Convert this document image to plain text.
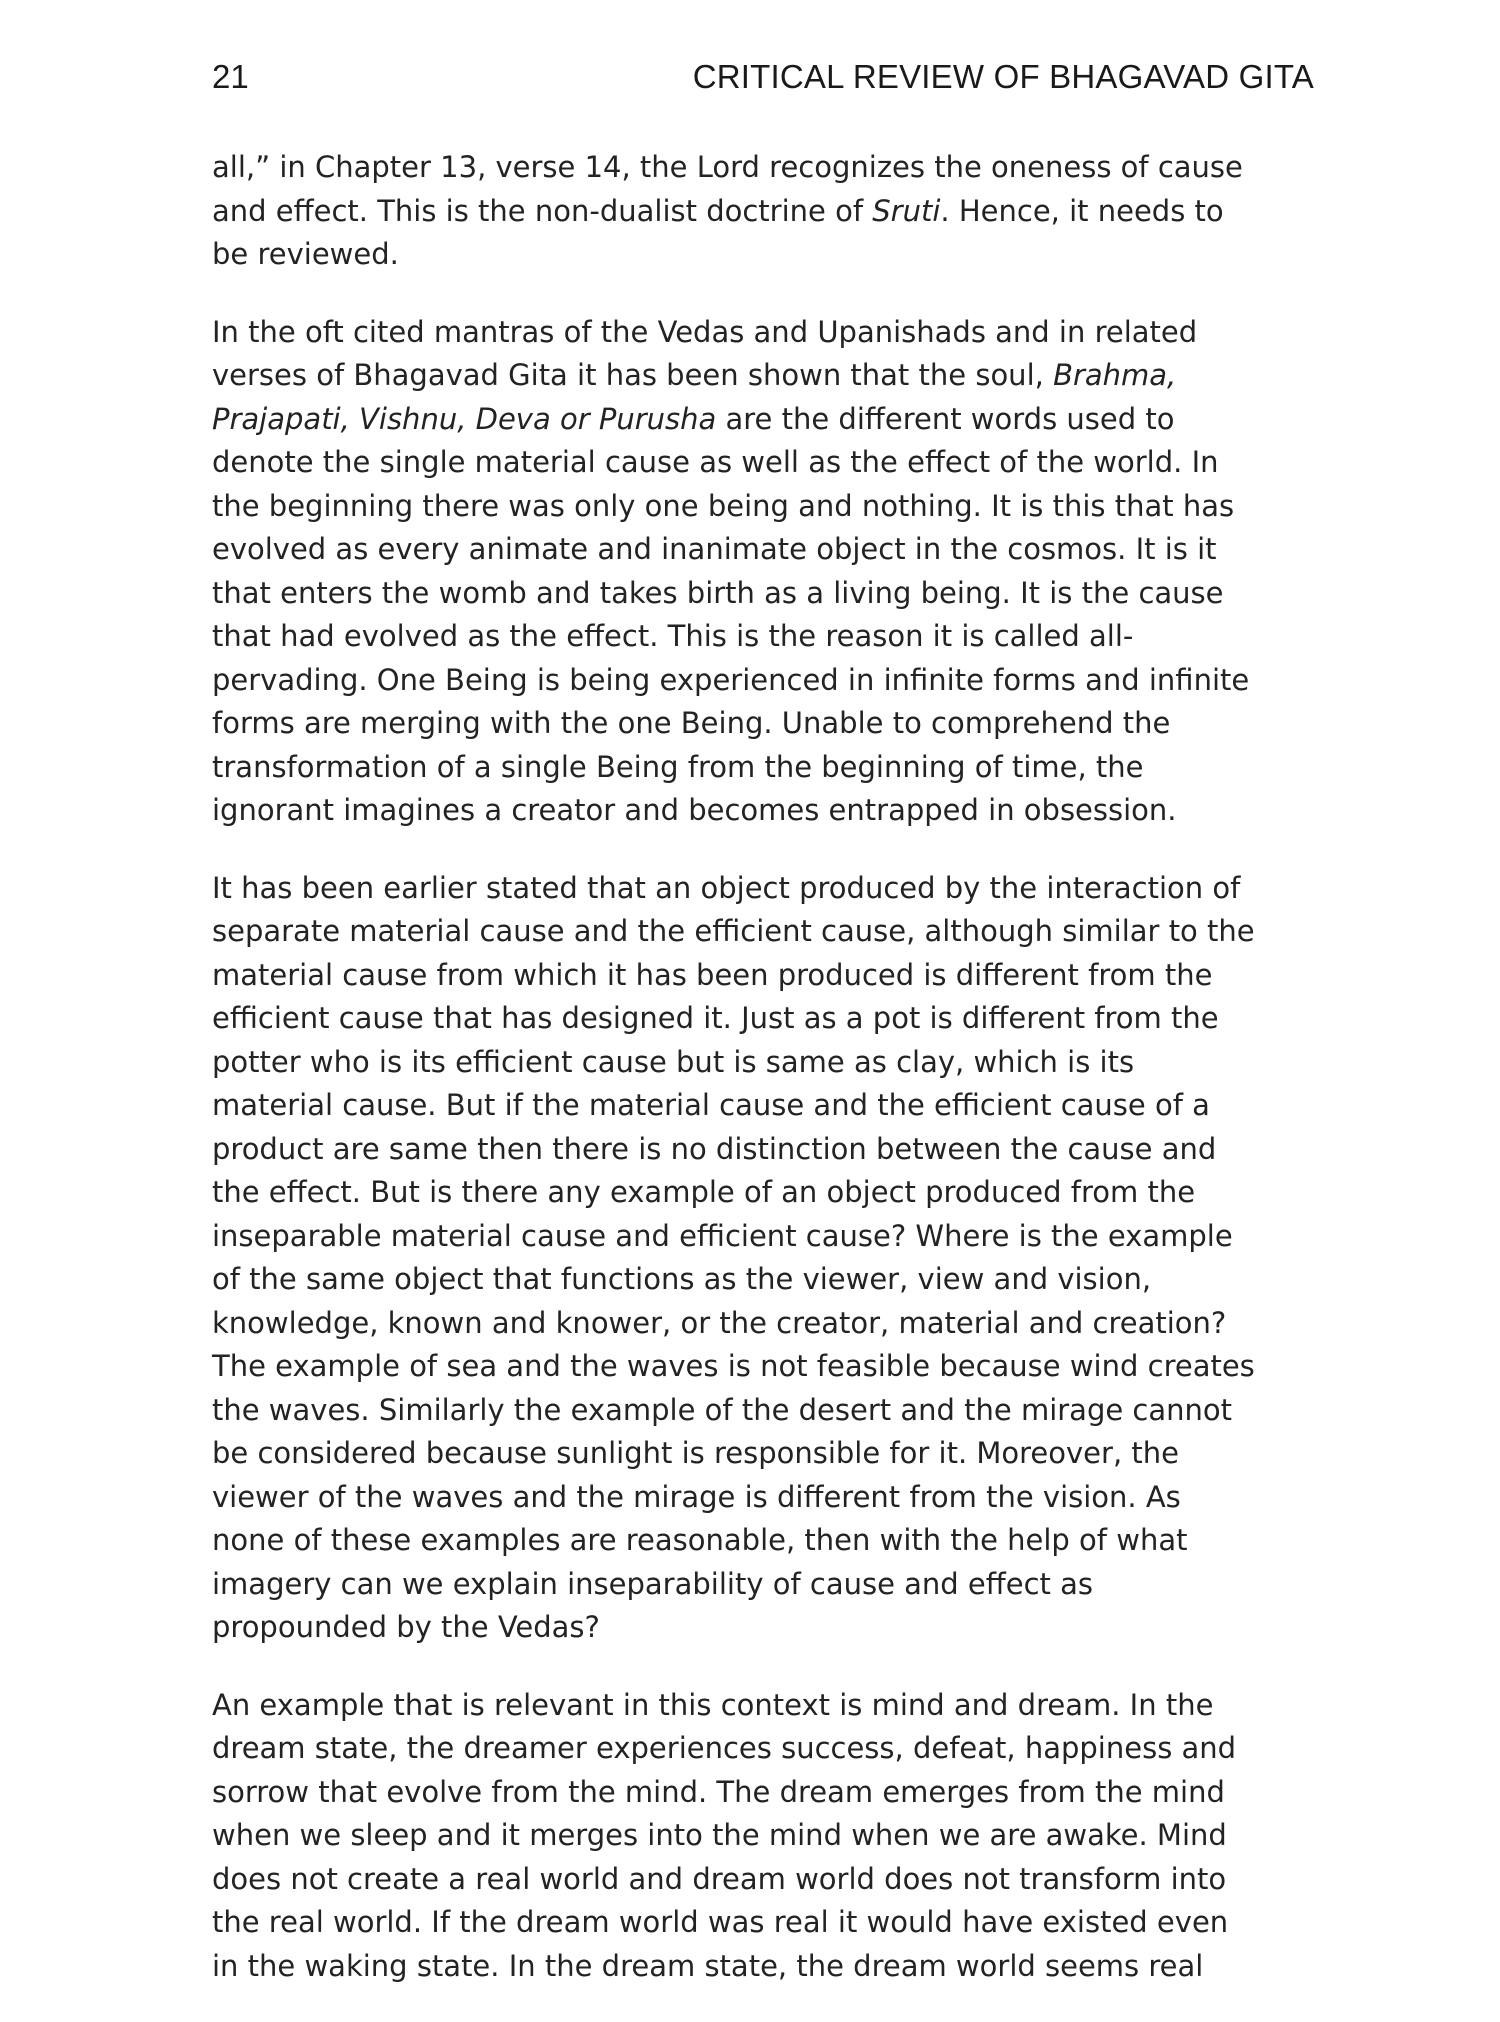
21	CRITICAL REVIEW OF BHAGAVAD GITA

all,” in Chapter 13, verse 14, the Lord recognizes the oneness of cause
and effect. This is the non-dualist doctrine of Sruti. Hence, it needs to
be reviewed.

In the oft cited mantras of the Vedas and Upanishads and in related
verses of Bhagavad Gita it has been shown that the soul, Brahma,
Prajapati, Vishnu, Deva or Purusha are the different words used to
denote the single material cause as well as the effect of the world. In
the beginning there was only one being and nothing. It is this that has
evolved as every animate and inanimate object in the cosmos. It is it
that enters the womb and takes birth as a living being. It is the cause
that had evolved as the effect. This is the reason it is called all-
pervading. One Being is being experienced in infinite forms and infinite
forms are merging with the one Being. Unable to comprehend the
transformation of a single Being from the beginning of time, the
ignorant imagines a creator and becomes entrapped in obsession.

It has been earlier stated that an object produced by the interaction of
separate material cause and the efficient cause, although similar to the
material cause from which it has been produced is different from the
efficient cause that has designed it. Just as a pot is different from the
potter who is its efficient cause but is same as clay, which is its
material cause. But if the material cause and the efficient cause of a
product are same then there is no distinction between the cause and
the effect. But is there any example of an object produced from the
inseparable material cause and efficient cause? Where is the example
of the same object that functions as the viewer, view and vision,
knowledge, known and knower, or the creator, material and creation?
The example of sea and the waves is not feasible because wind creates
the waves. Similarly the example of the desert and the mirage cannot
be considered because sunlight is responsible for it. Moreover, the
viewer of the waves and the mirage is different from the vision. As
none of these examples are reasonable, then with the help of what
imagery can we explain inseparability of cause and effect as
propounded by the Vedas?

An example that is relevant in this context is mind and dream. In the
dream state, the dreamer experiences success, defeat, happiness and
sorrow that evolve from the mind. The dream emerges from the mind
when we sleep and it merges into the mind when we are awake. Mind
does not create a real world and dream world does not transform into
the real world. If the dream world was real it would have existed even
in the waking state. In the dream state, the dream world seems real
